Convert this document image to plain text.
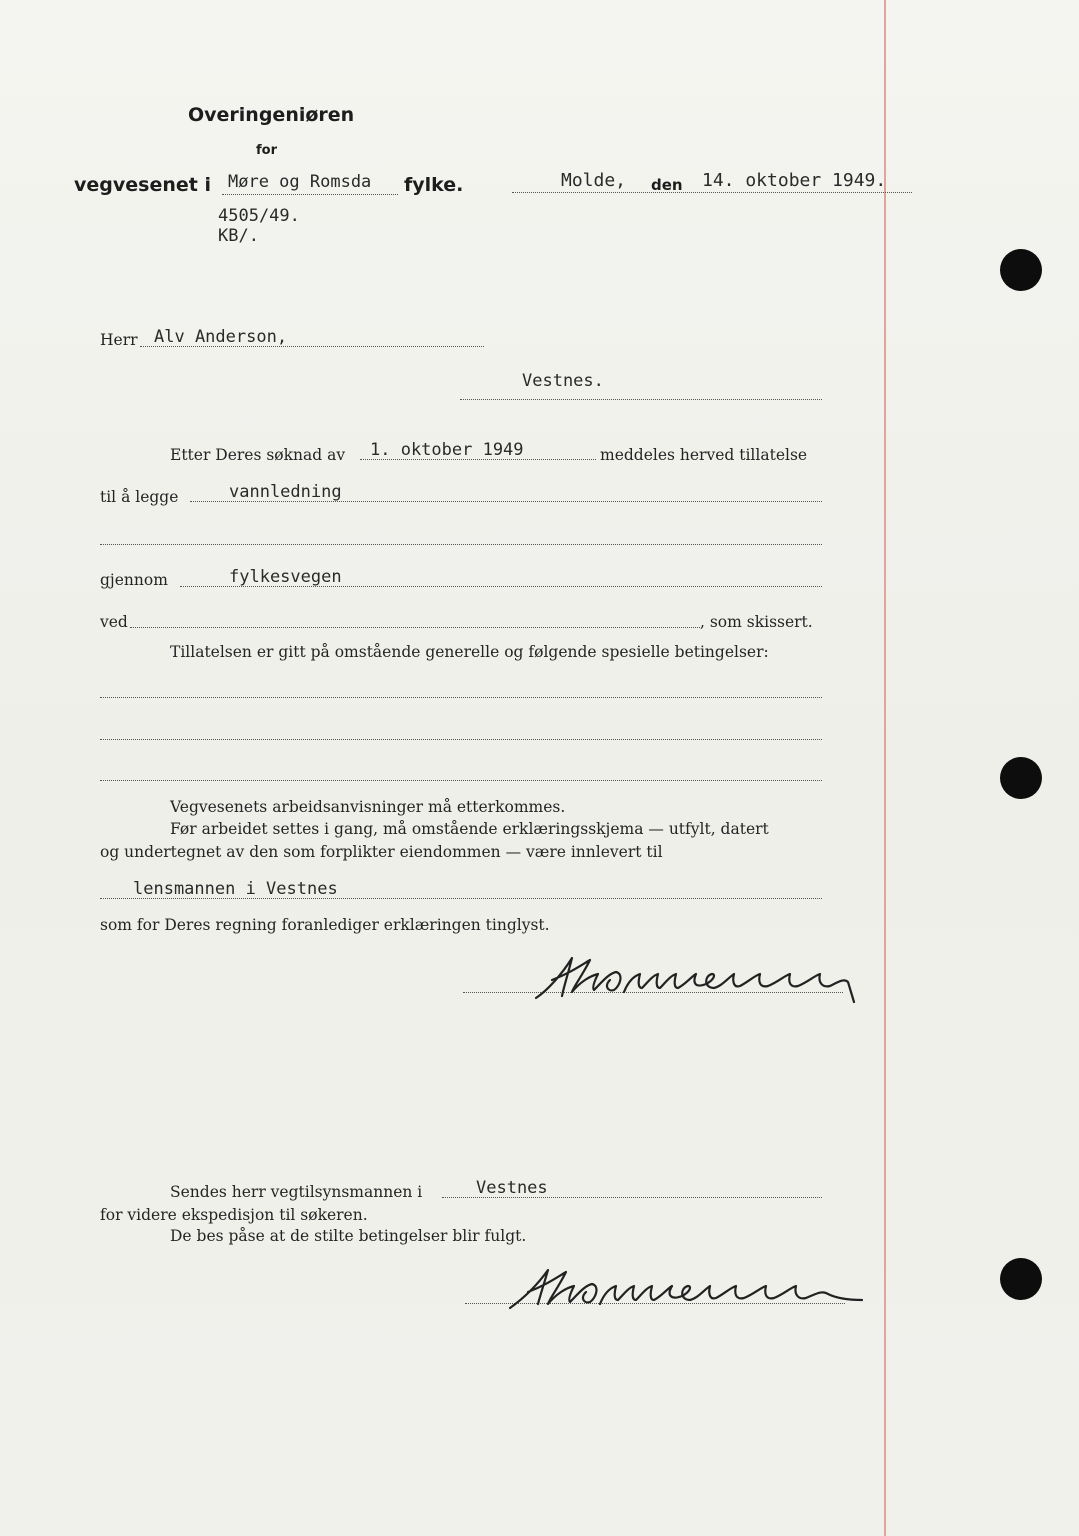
Overingeniøren
for
vegvesenet i Møre og Romsda fylke.	Molde, den 14. oktober 1949.
4505/49.
KB/.
Herr Alv Anderson,
Vestnes.
Etter Deres søknad av 1. oktober 1949	meddeles herved tillatelse
til å legge	vannledning
gjennom	fylkesvegen
ved	, som skissert.
Tillatelsen er gitt på omstående generelle og følgende spesielle betingelser:
Vegvesenets arbeidsanvisninger må etterkommes.
Før arbeidet settes i gang, må omstående erklæringsskjema — utfylt, datert
og undertegnet av den som forplikter eiendommen — være innlevert til
lensmannen i Vestnes
som for Deres regning foranlediger erklæringen tinglyst.
Sendes herr vegtilsynsmannen i	Vestnes
for videre ekspedisjon til søkeren.
De bes påse at de stilte betingelser blir fulgt.
